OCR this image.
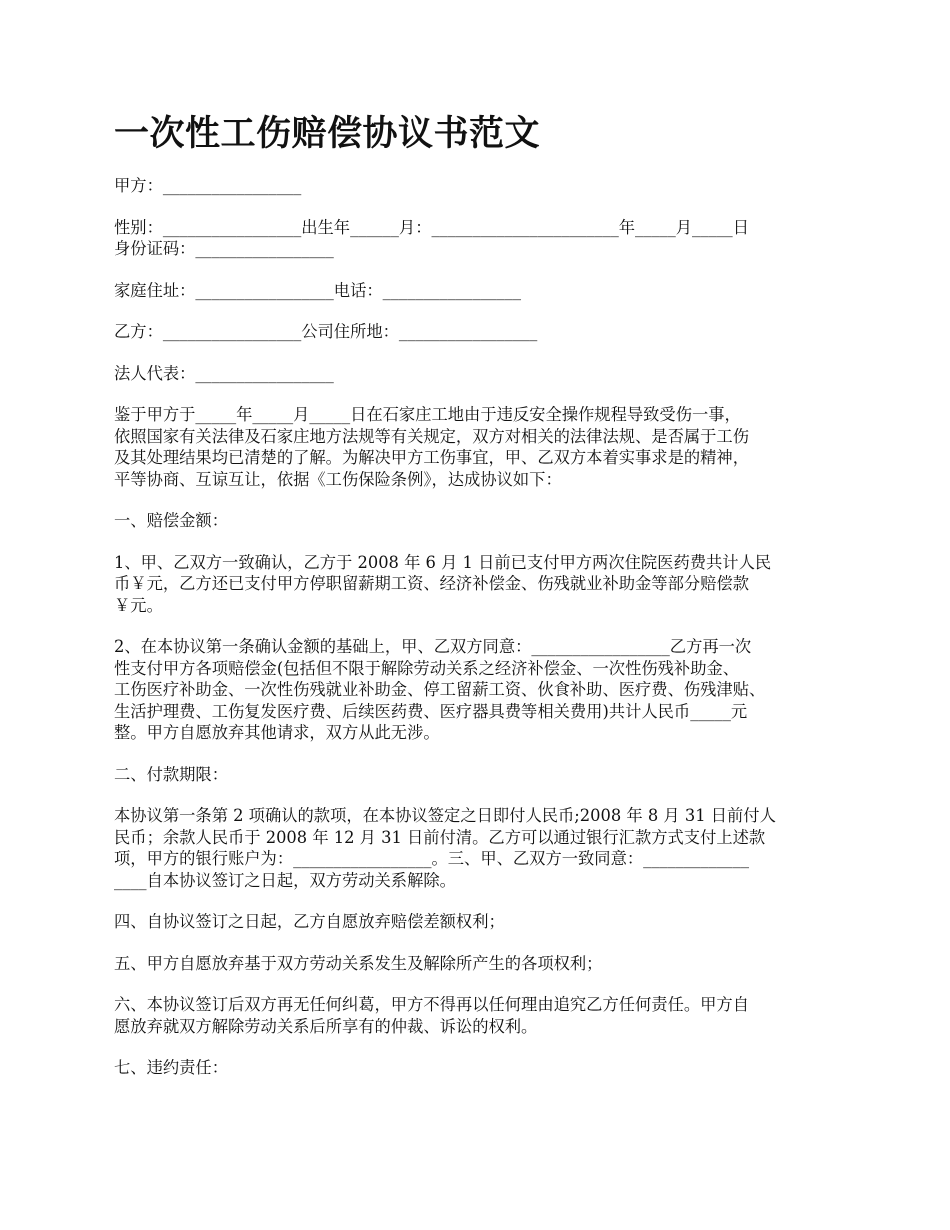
一次性工伤赔偿协议书范文
甲方：_________________
性别：_________________出生年______月：_______________________年_____月_____日
身份证码：_________________
家庭住址：_________________电话：_________________
乙方：_________________公司住所地：_________________
法人代表：_________________
鉴于甲方于_____年_____月_____日在石家庄工地由于违反安全操作规程导致受伤一事，
依照国家有关法律及石家庄地方法规等有关规定，双方对相关的法律法规、是否属于工伤
及其处理结果均已清楚的了解。为解决甲方工伤事宜，甲、乙双方本着实事求是的精神，
平等协商、互谅互让，依据《工伤保险条例》，达成协议如下：
一、赔偿金额：
1、甲、乙双方一致确认，乙方于 2008 年 6 月 1 日前已支付甲方两次住院医药费共计人民
币￥元，乙方还已支付甲方停职留薪期工资、经济补偿金、伤残就业补助金等部分赔偿款
￥元。
2、在本协议第一条确认金额的基础上，甲、乙双方同意：_________________乙方再一次
性支付甲方各项赔偿金(包括但不限于解除劳动关系之经济补偿金、一次性伤残补助金、
工伤医疗补助金、一次性伤残就业补助金、停工留薪工资、伙食补助、医疗费、伤残津贴、
生活护理费、工伤复发医疗费、后续医药费、医疗器具费等相关费用)共计人民币_____元
整。甲方自愿放弃其他请求，双方从此无涉。
二、付款期限：
本协议第一条第 2 项确认的款项，在本协议签定之日即付人民币;2008 年 8 月 31 日前付人
民币；余款人民币于 2008 年 12 月 31 日前付清。乙方可以通过银行汇款方式支付上述款
项，甲方的银行账户为：_________________。三、甲、乙双方一致同意：_____________
____自本协议签订之日起，双方劳动关系解除。
四、自协议签订之日起，乙方自愿放弃赔偿差额权利；
五、甲方自愿放弃基于双方劳动关系发生及解除所产生的各项权利；
六、本协议签订后双方再无任何纠葛，甲方不得再以任何理由追究乙方任何责任。甲方自
愿放弃就双方解除劳动关系后所享有的仲裁、诉讼的权利。
七、违约责任：
